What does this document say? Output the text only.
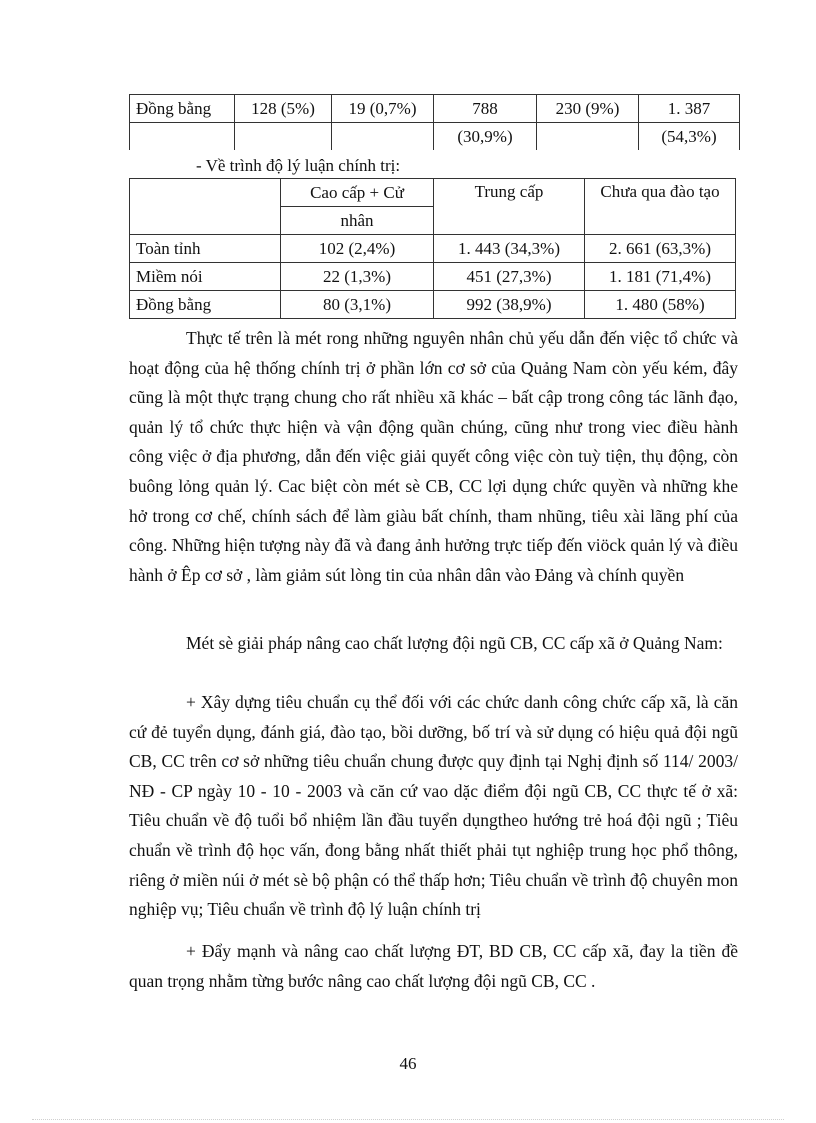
Đồng bằng	128 (5%)	19 (0,7%)	788	230 (9%)	1. 387
			(30,9%)		(54,3%)
- Về trình độ lý luận chính trị:
	Cao cấp + Cử	Trung cấp	Chưa qua đào tạo
	nhân		
Toàn tỉnh	102 (2,4%)	1. 443 (34,3%)	2. 661 (63,3%)
Miềm nói	22 (1,3%)	451 (27,3%)	1. 181 (71,4%)
Đồng bằng	80 (3,1%)	992 (38,9%)	1. 480 (58%)

Thực tế trên là mét rong những nguyên nhân chủ yếu dẫn đến việc tổ chức và hoạt động của hệ thống chính trị ở phần lớn cơ sở của Quảng Nam còn yếu kém, đây cũng là một thực trạng chung cho rất nhiều xã khác – bất cập trong công tác lãnh đạo, quản lý tổ chức thực hiện và vận động quần chúng, cũng như trong viec điều hành công việc ở địa phương, dẫn đến việc giải quyết công việc còn tuỳ tiện, thụ động, còn buông lỏng quản lý. Cac biệt còn mét sè CB, CC lợi dụng chức quyền và những khe hở trong cơ chế, chính sách để làm giàu bất chính, tham nhũng, tiêu xài lãng phí của công. Những hiện tượng này đã và đang ảnh hưởng trực tiếp đến viöck quản lý và điều hành ở Êp cơ sở , làm giảm sút lòng tin của nhân dân vào Đảng và chính quyền

Mét sè giải pháp nâng cao chất lượng đội ngũ CB, CC cấp xã ở Quảng Nam:

+ Xây dựng tiêu chuẩn cụ thể đối với các chức danh công chức cấp xã, là căn cứ đẻ tuyển dụng, đánh giá, đào tạo, bồi dưỡng, bố trí và sử dụng có hiệu quả đội ngũ CB, CC trên cơ sở những tiêu chuẩn chung được quy định tại Nghị định số 114/ 2003/ NĐ - CP ngày 10 - 10 - 2003 và căn cứ vao dặc điểm đội ngũ CB, CC thực tế ở xã: Tiêu chuẩn về độ tuổi bổ nhiệm lần đầu tuyển dụngtheo hướng trẻ hoá đội ngũ ; Tiêu chuẩn về trình độ học vấn, đong bằng nhất thiết phải tụt nghiệp trung học phổ thông, riêng ở miền núi ở mét sè bộ phận có thể thấp hơn; Tiêu chuẩn về trình độ chuyên mon nghiệp vụ; Tiêu chuẩn về trình độ lý luận chính trị

+ Đẩy mạnh và nâng cao chất lượng ĐT, BD CB, CC cấp xã, đay la tiền đề quan trọng nhằm từng bước nâng cao chất lượng đội ngũ CB, CC .

46
